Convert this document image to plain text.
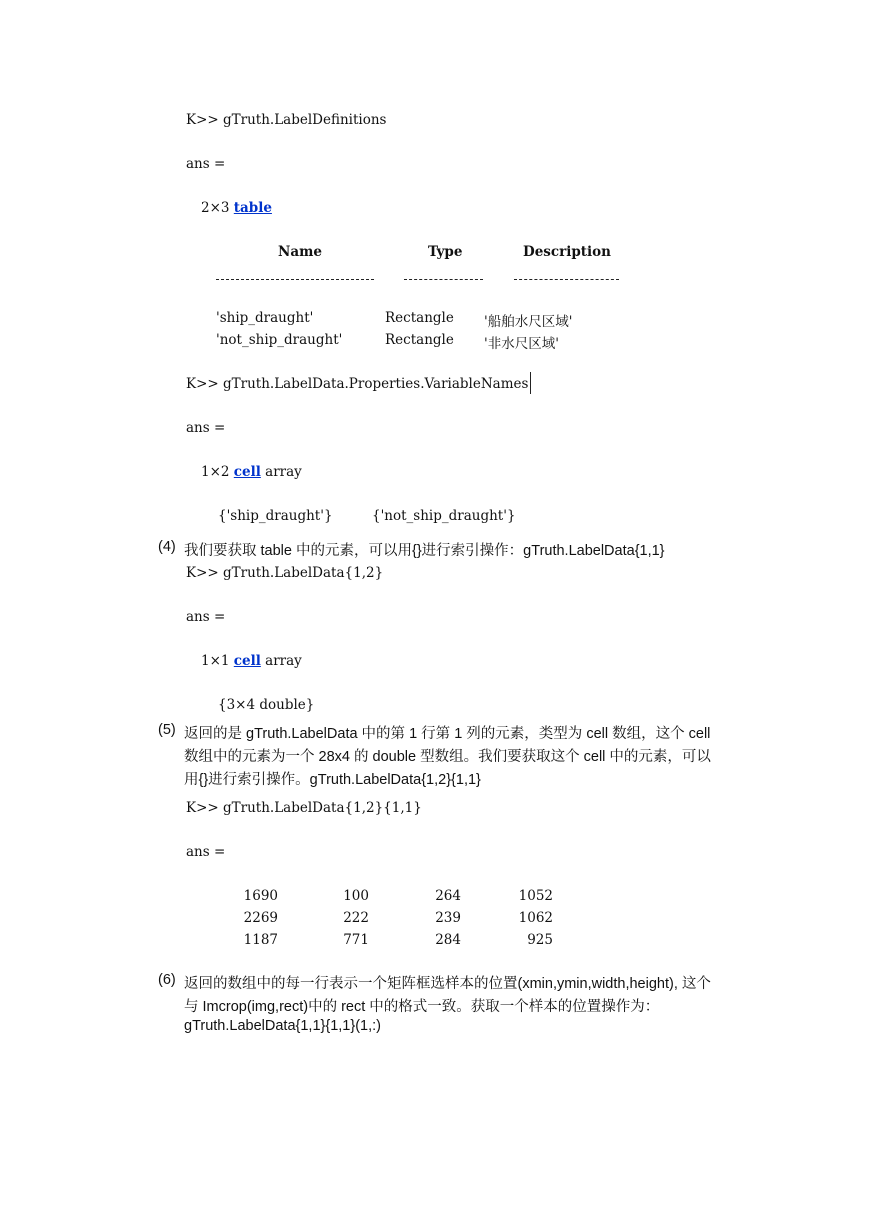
K>> gTruth.LabelDefinitions
ans =
2×3 table
Name	Type	Description
'ship_draught'	Rectangle '船舶水尺区域'
'not_ship_draught'	Rectangle '非水尺区域'
K>> gTruth.LabelData.Properties.VariableNames
ans =
1×2 cell array
{'ship_draught'}	{'not_ship_draught'}
(4) 我们要获取 table 中的元素，可以用{}进行索引操作：gTruth.LabelData{1,1}
K>> gTruth.LabelData{1,2}
ans =
1×1 cell array
{3×4 double}
(5) 返回的是 gTruth.LabelData 中的第 1 行第 1 列的元素，类型为 cell 数组，这个 cell
数组中的元素为一个 28x4 的 double 型数组。我们要获取这个 cell 中的元素，可以
用{}进行索引操作。gTruth.LabelData{1,2}{1,1}
K>> gTruth.LabelData{1,2}{1,1}
ans =
1690	100	264	1052
2269	222	239	1062
1187	771	284	925
(6) 返回的数组中的每一行表示一个矩阵框选样本的位置(xmin,ymin,width,height), 这个
与 Imcrop(img,rect)中的 rect 中的格式一致。获取一个样本的位置操作为：
gTruth.LabelData{1,1}{1,1}(1,:)
